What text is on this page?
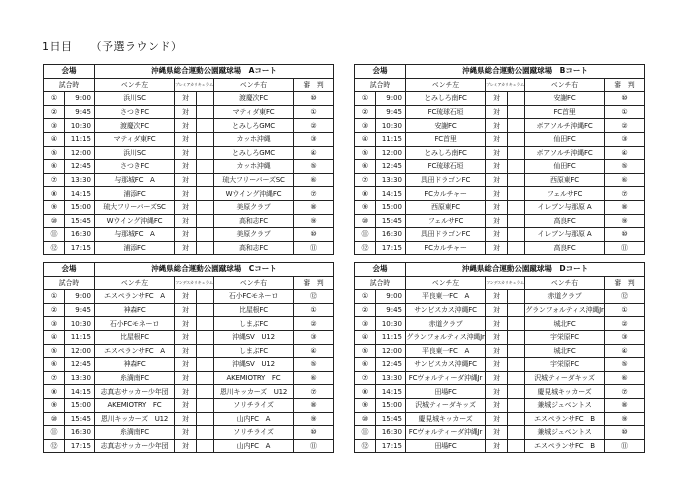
1日目 （予選ラウンド）
会場		沖縄県総合運動公園蹴球場　Aコート				
試合時		ベンチ左	プレミアカリキュラム		ベンチ右	審　判
①	9:00	浜川SC	対		渡慶次FC	⑩
②	9:45	さつきFC	対		マティダ東FC	①
③	10:30	渡慶次FC	対		とみしろGMC	②
④	11:15	マティダ東FC	対		カッホ沖縄	③
⑤	12:00	浜川SC	対		とみしろGMC	④
⑥	12:45	さつきFC	対		カッホ沖縄	⑤
⑦	13:30	与那城FC　A	対		琉大フリーバーズSC	⑥
⑧	14:15	浦添FC	対		Wウイング沖縄FC	⑦
⑨	15:00	琉大フリーバーズSC	対		美原クラブ	⑧
⑩	15:45	Wウイング沖縄FC	対		高和志FC	⑨
⑪	16:30	与那城FC　A	対		美原クラブ	⑩
⑫	17:15	浦添FC	対		高和志FC	⑪
会場		沖縄県総合運動公園蹴球場　Bコート				
試合時		ベンチ左	プレミアカリキュラム		ベンチ右	審　判
①	9:00	とみしろ南FC	対		安謝FC	⑩
②	9:45	FC琉球石垣	対		FC首里	①
③	10:30	安謝FC	対		ボアソルチ沖縄FC	②
④	11:15	FC首里	対		仙田FC	③
⑤	12:00	とみしろ南FC	対		ボアソルチ沖縄FC	④
⑥	12:45	FC琉球石垣	対		仙田FC	⑤
⑦	13:30	具田ドラゴンFC	対		西原東FC	⑥
⑧	14:15	FCカルチャー	対		フェルサFC	⑦
⑨	15:00	西原東FC	対		イレブン与那原 A	⑧
⑩	15:45	フェルサFC	対		高良FC	⑨
⑪	16:30	具田ドラゴンFC	対		イレブン与那原 A	⑩
⑫	17:15	FCカルチャー	対		高良FC	⑪
会場		沖縄県総合運動公園蹴球場　Cコート				
試合時		ベンチ左	フンデスカリキュラム		ベンチ右	審　判
①	9:00	エスペランサFC　A	対		石小FCモネーロ	⑫
②	9:45	神森FC	対		比屋根FC	①
③	10:30	石小FCモネーロ	対		しまぶFC	②
④	11:15	比屋根FC	対		沖縄SV　U12	③
⑤	12:00	エスペランサFC　A	対		しまぶFC	④
⑥	12:45	神森FC	対		沖縄SV　U12	⑤
⑦	13:30	糸満南FC	対		AKEMIOTRY　FC	⑥
⑧	14:15	志真志サッカー少年団	対		恩川キッカーズ　U12	⑦
⑨	15:00	AKEMIOTRY　FC	対		ソリチライズ	⑧
⑩	15:45	恩川キッカーズ　U12	対		山内FC　A	⑨
⑪	16:30	糸満南FC	対		ソリチライズ	⑩
⑫	17:15	志真志サッカー少年団	対		山内FC　A	⑪
会場		沖縄県総合運動公園蹴球場　Dコート				
試合時		ベンチ左	フンデスカリキュラム		ベンチ右	審　判
①	9:00	平良東一FC　A	対		赤道クラブ	⑫
②	9:45	サンビスカス沖縄FC	対		グランフォルティス沖縄Jr	①
③	10:30	赤道クラブ	対		城北FC	②
④	11:15	グランフォルティス沖縄Jr	対		宇栄原FC	③
⑤	12:00	平良東一FC　A	対		城北FC	④
⑥	12:45	サンビスカス沖縄FC	対		宇栄原FC	⑤
⑦	13:30	FCヴォルティーダ沖縄Jr	対		沢城ティーダキッズ	⑥
⑧	14:15	田場FC	対		慶見城キッカーズ	⑦
⑨	15:00	沢城ティーダキッズ	対		兼城ジュベントス	⑧
⑩	15:45	慶見城キッカーズ	対		エスペランサFC　B	⑨
⑪	16:30	FCヴォルティーダ沖縄Jr	対		兼城ジュベントス	⑩
⑫	17:15	田場FC	対		エスペランサFC　B	⑪
